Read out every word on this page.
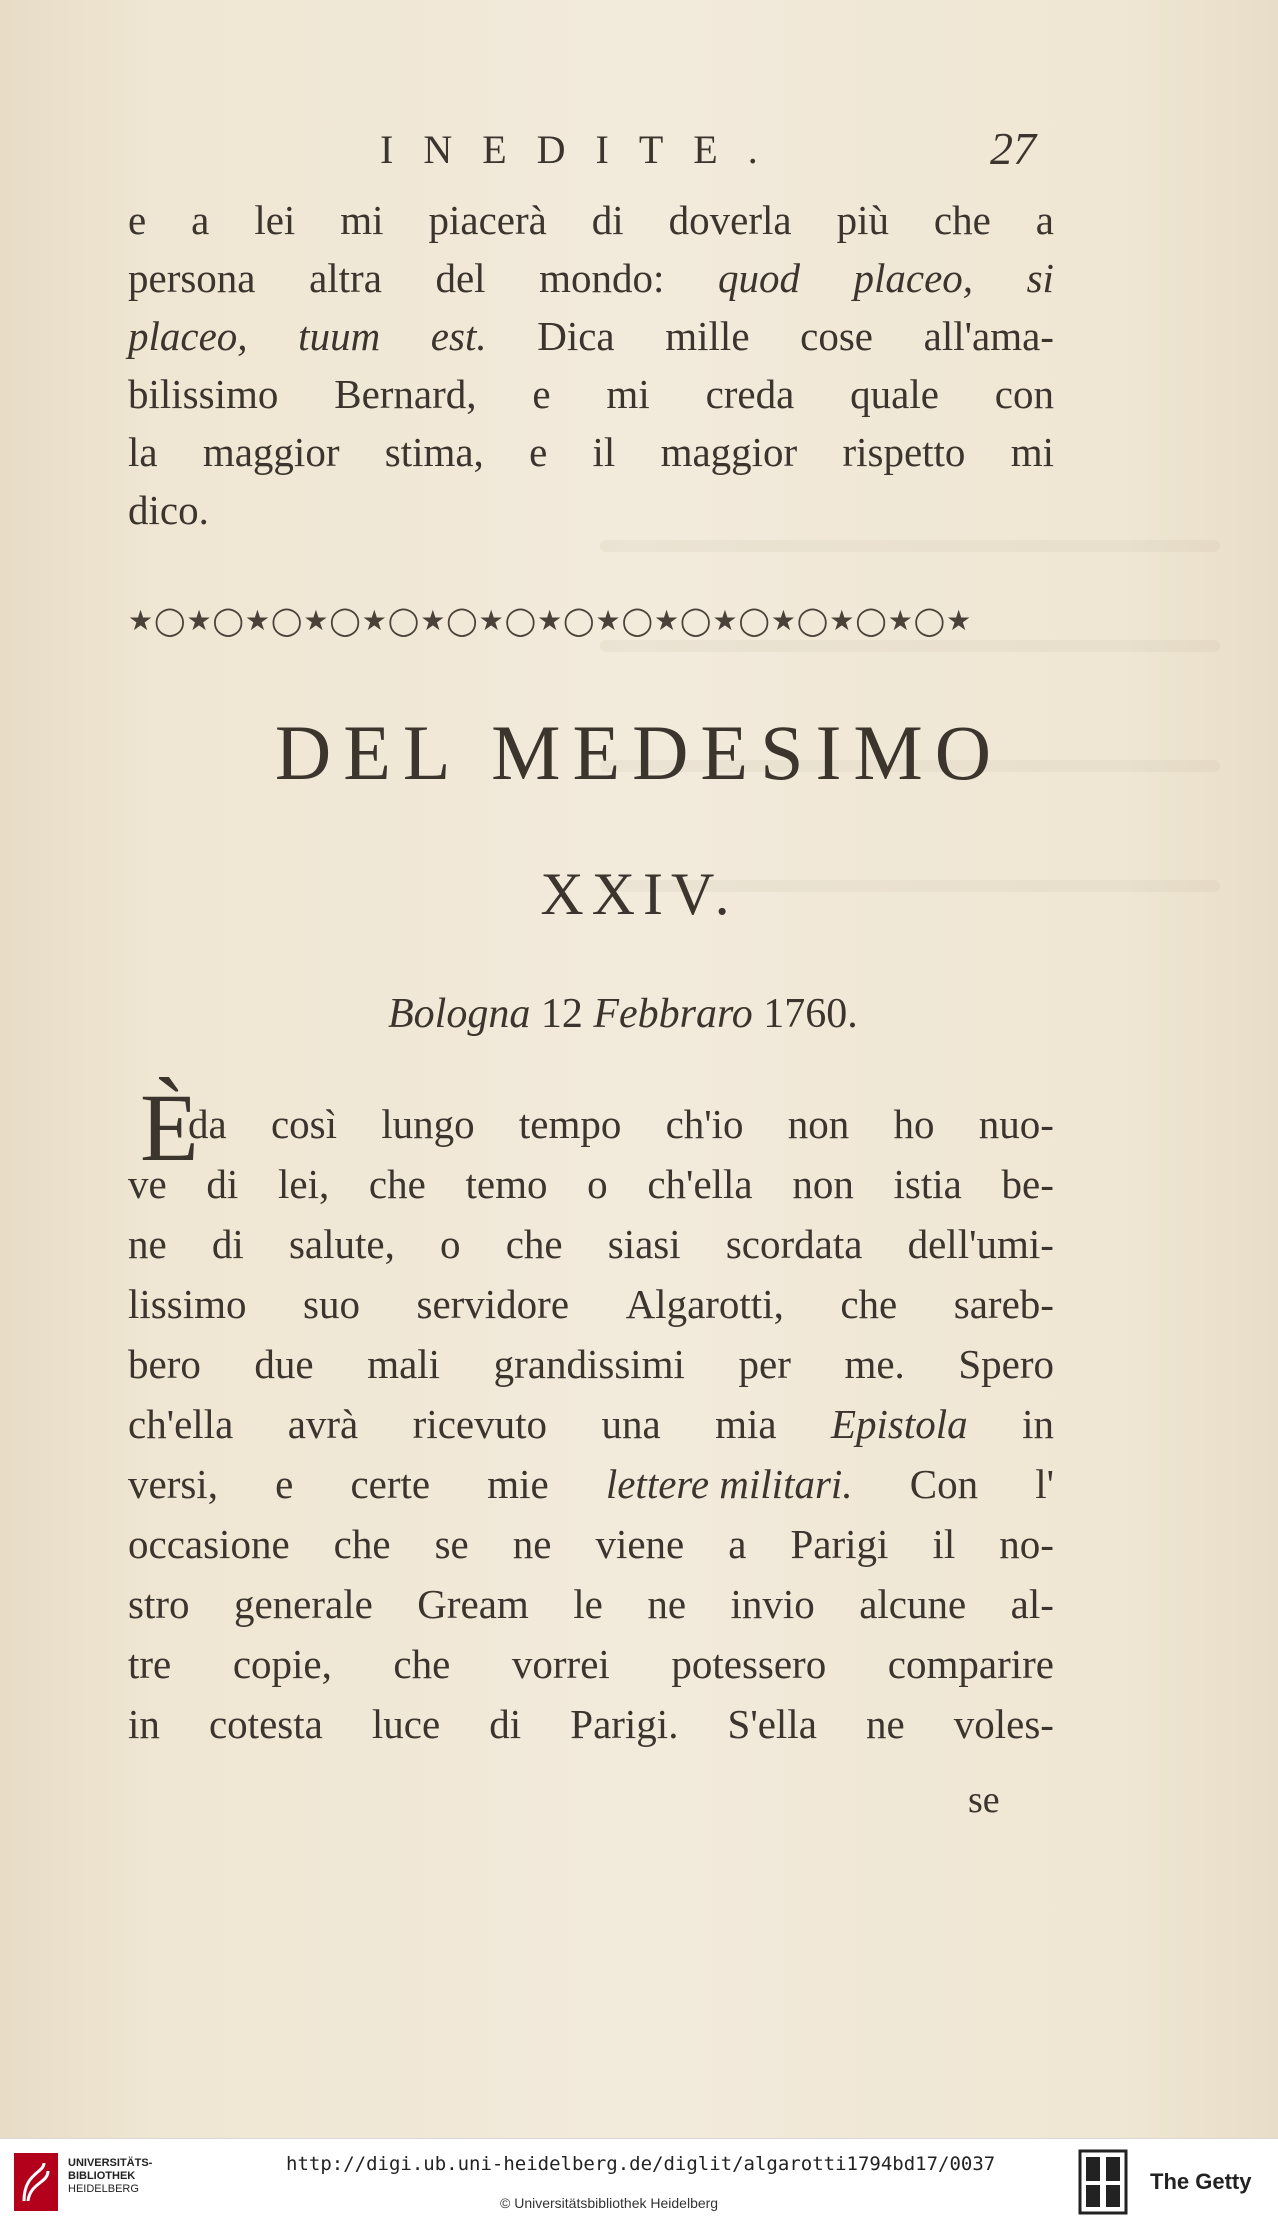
INEDITE.	27
e a lei mi piacerà di doverla più che a
persona altra del mondo: quod placeo, si
placeo, tuum est. Dica mille cose all'ama-
bilissimo Bernard, e mi creda quale con
la maggior stima, e il maggior rispetto mi
dico.
★◯★◯★◯★◯★◯★◯★◯★◯★◯★◯★◯★◯★◯★◯★
DEL MEDESIMO
XXIV.
Bologna 12 Febbraro 1760.
È
da così lungo tempo ch'io non ho nuo-
ve di lei, che temo o ch'ella non istia be-
ne di salute, o che siasi scordata dell'umi-
lissimo suo servidore Algarotti, che sareb-
bero due mali grandissimi per me. Spero
ch'ella avrà ricevuto una mia Epistola in
versi, e certe mie lettere militari. Con l'
occasione che se ne viene a Parigi il no-
stro generale Gream le ne invio alcune al-
tre copie, che vorrei potessero comparire
in cotesta luce di Parigi. S'ella ne voles-
se
UNIVERSITÄTS-
BIBLIOTHEK
HEIDELBERG
http://digi.ub.uni-heidelberg.de/diglit/algarotti1794bd17/0037
© Universitätsbibliothek Heidelberg
The Getty
